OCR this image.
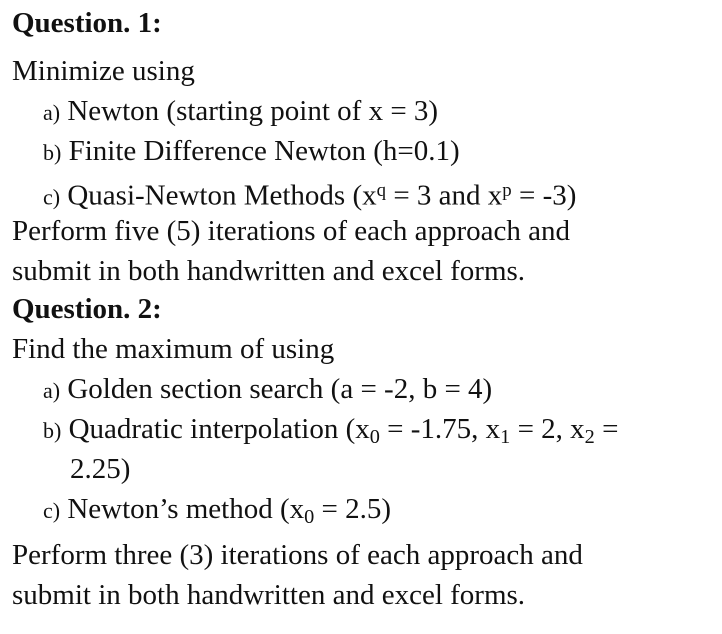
Question. 1:
Minimize using
a) Newton (starting point of x = 3)
b) Finite Difference Newton (h=0.1)
c) Quasi-Newton Methods ($x^q = 3$ and $x^p = -3$)
Perform five (5) iterations of each approach and
submit in both handwritten and excel forms.
Question. 2:
Find the maximum of using
a) Golden section search (a = -2, b = 4)
b) Quadratic interpolation ($x_0 = -1.75$, $x_1 = 2$, $x_2$ =
2.25)
c) Newton’s method $(x_0 = 2.5)$
Perform three (3) iterations of each approach and
submit in both handwritten and excel forms.
